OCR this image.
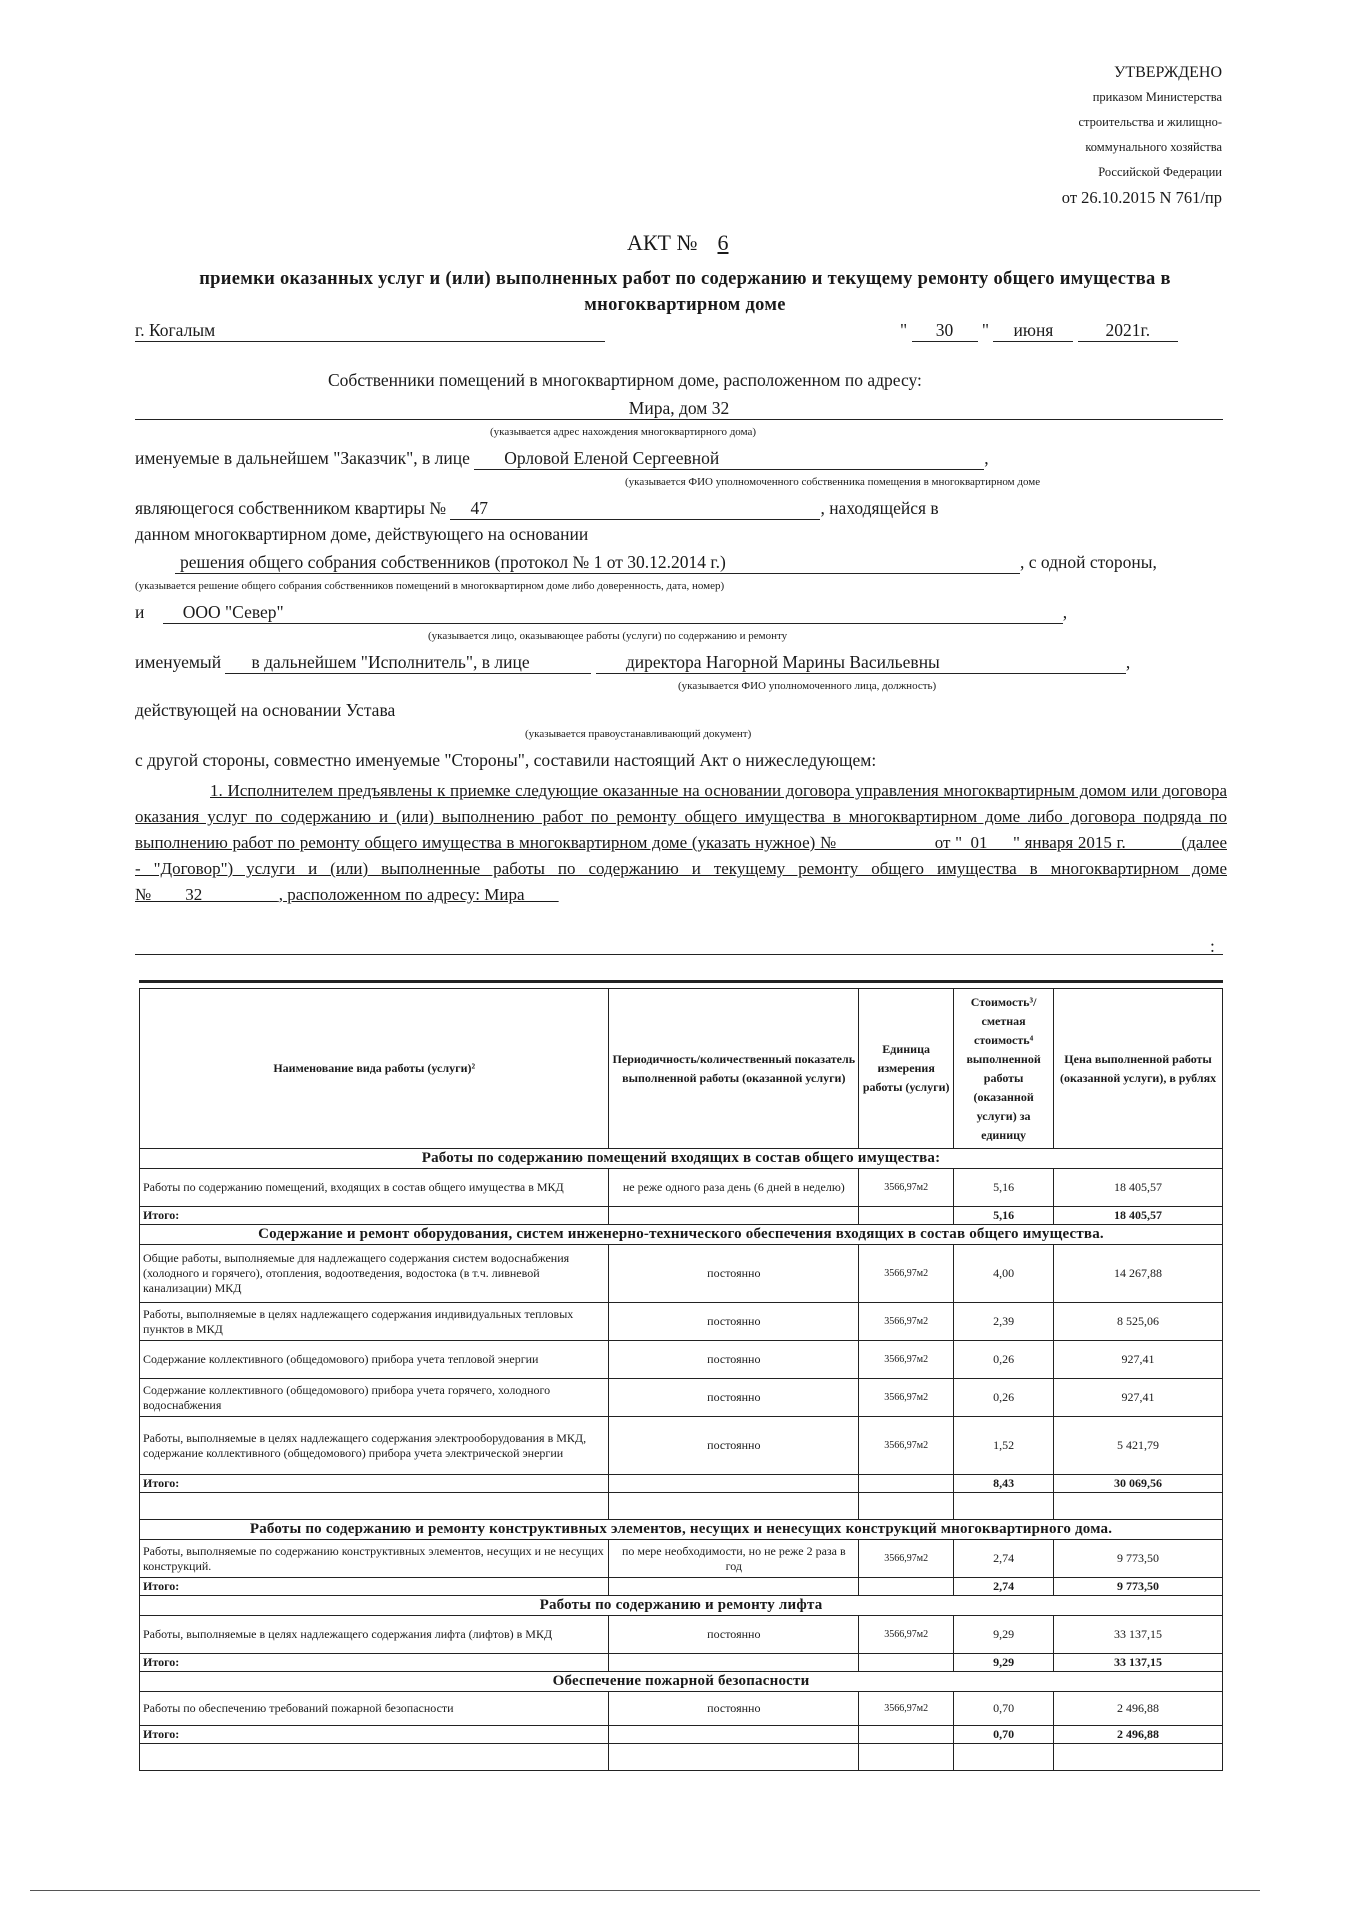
УТВЕРЖДЕНО
приказом Министерства
строительства и жилищно-
коммунального хозяйства
Российской Федерации
от 26.10.2015 N 761/пр
АКТ № 6
приемки оказанных услуг и (или) выполненных работ по содержанию и текущему ремонту общего имущества в многоквартирном доме
г. Когалым	" 30 " июня	2021г.
Собственники помещений в многоквартирном доме, расположенном по адресу:
Мира, дом 32
(указывается адрес нахождения многоквартирного дома)
именуемые в дальнейшем "Заказчик", в лице Орловой Еленой Сергеевной	,
(указывается ФИО уполномоченного собственника помещения в многоквартирном доме
являющегося собственником квартиры № 47	, находящейся в
данном многоквартирном доме, действующего на основании
решения общего собрания собственников (протокол № 1 от 30.12.2014 г.)	, с одной стороны,
(указывается решение общего собрания собственников помещений в многоквартирном доме либо доверенность, дата, номер)
и ООО "Север"	,
(указывается лицо, оказывающее работы (услуги) по содержанию и ремонту
именуемый в дальнейшем "Исполнитель", в лице	директора Нагорной Марины Васильевны	,
(указывается ФИО уполномоченного лица, должность)
действующей на основании Устава
(указывается правоустанавливающий документ)
с другой стороны, совместно именуемые "Стороны", составили настоящий Акт о нижеследующем:
1. Исполнителем предъявлены к приемке следующие оказанные на основании договора управления многоквартирным домом или договора оказания услуг по содержанию и (или) выполнению работ по ремонту общего имущества в многоквартирном доме либо договора подряда по выполнению работ по ремонту общего имущества в многоквартирном доме (указать нужное) №___________ от "_01___" января 2015 г.______ (далее - "Договор") услуги и (или) выполненные работы по содержанию и текущему ремонту общего имущества в многоквартирном доме №____32_________, расположенном по адресу: Мира____
:
Наименование вида работы (услуги)²	Периодичность/количественный показатель выполненной работы (оказанной услуги)	Единица измерения работы (услуги)	Стоимость³/сметная стоимость⁴ выполненной работы (оказанной услуги) за единицу	Цена выполненной работы (оказанной услуги), в рублях
Работы по содержанию помещений входящих в состав общего имущества:				
Работы по содержанию помещений, входящих в состав общего имущества в МКД	не реже одного раза день (6 дней в неделю)	3566,97м2	5,16	18 405,57
Итого:			5,16	18 405,57
Содержание и ремонт оборудования, систем инженерно-технического обеспечения входящих в состав общего имущества.				
Общие работы, выполняемые для надлежащего содержания систем водоснабжения (холодного и горячего), отопления, водоотведения, водостока (в т.ч. ливневой канализации) МКД	постоянно	3566,97м2	4,00	14 267,88
Работы, выполняемые в целях надлежащего содержания индивидуальных тепловых пунктов в МКД	постоянно	3566,97м2	2,39	8 525,06
Содержание коллективного (общедомового) прибора учета тепловой энергии	постоянно	3566,97м2	0,26	927,41
Содержание коллективного (общедомового) прибора учета горячего, холодного водоснабжения	постоянно	3566,97м2	0,26	927,41
Работы, выполняемые в целях надлежащего содержания электрооборудования в МКД, содержание коллективного (общедомового) прибора учета электрической энергии	постоянно	3566,97м2	1,52	5 421,79
Итого:			8,43	30 069,56

Работы по содержанию и ремонту конструктивных элементов, несущих и ненесущих конструкций многоквартирного дома.				
Работы, выполняемые по содержанию конструктивных элементов, несущих и не несущих конструкций.	по мере необходимости, но не реже 2 раза в год	3566,97м2	2,74	9 773,50
Итого:			2,74	9 773,50
Работы по содержанию и ремонту лифта				
Работы, выполняемые в целях надлежащего содержания лифта (лифтов) в МКД	постоянно	3566,97м2	9,29	33 137,15
Итого:			9,29	33 137,15
Обеспечение пожарной безопасности				
Работы по обеспечению требований пожарной безопасности	постоянно	3566,97м2	0,70	2 496,88
Итого:			0,70	2 496,88
